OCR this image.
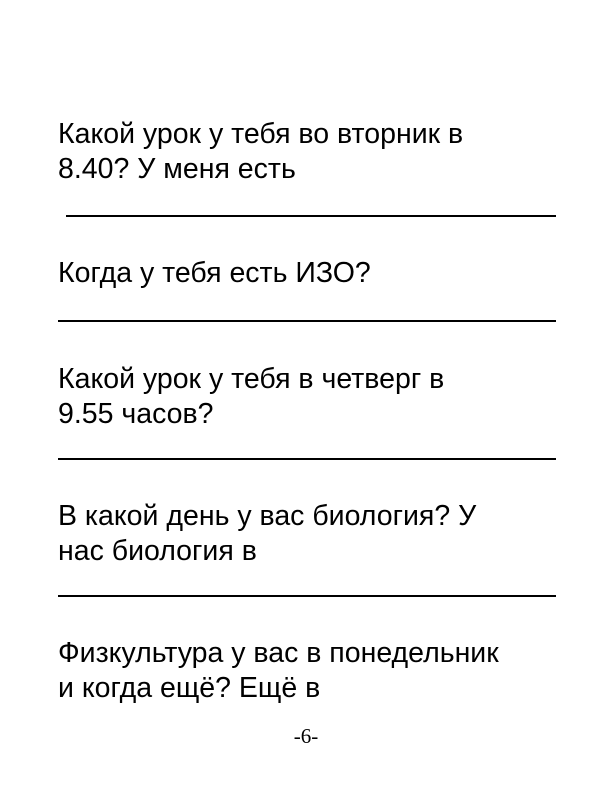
Какой урок у тебя во вторник в
8.40? У меня есть
Когда у тебя есть ИЗО?
Какой урок у тебя в четверг в
9.55 часов?
В какой день у вас биология? У
нас биология в
Физкультура у вас в понедельник
и когда ещё? Ещё в
-6-
